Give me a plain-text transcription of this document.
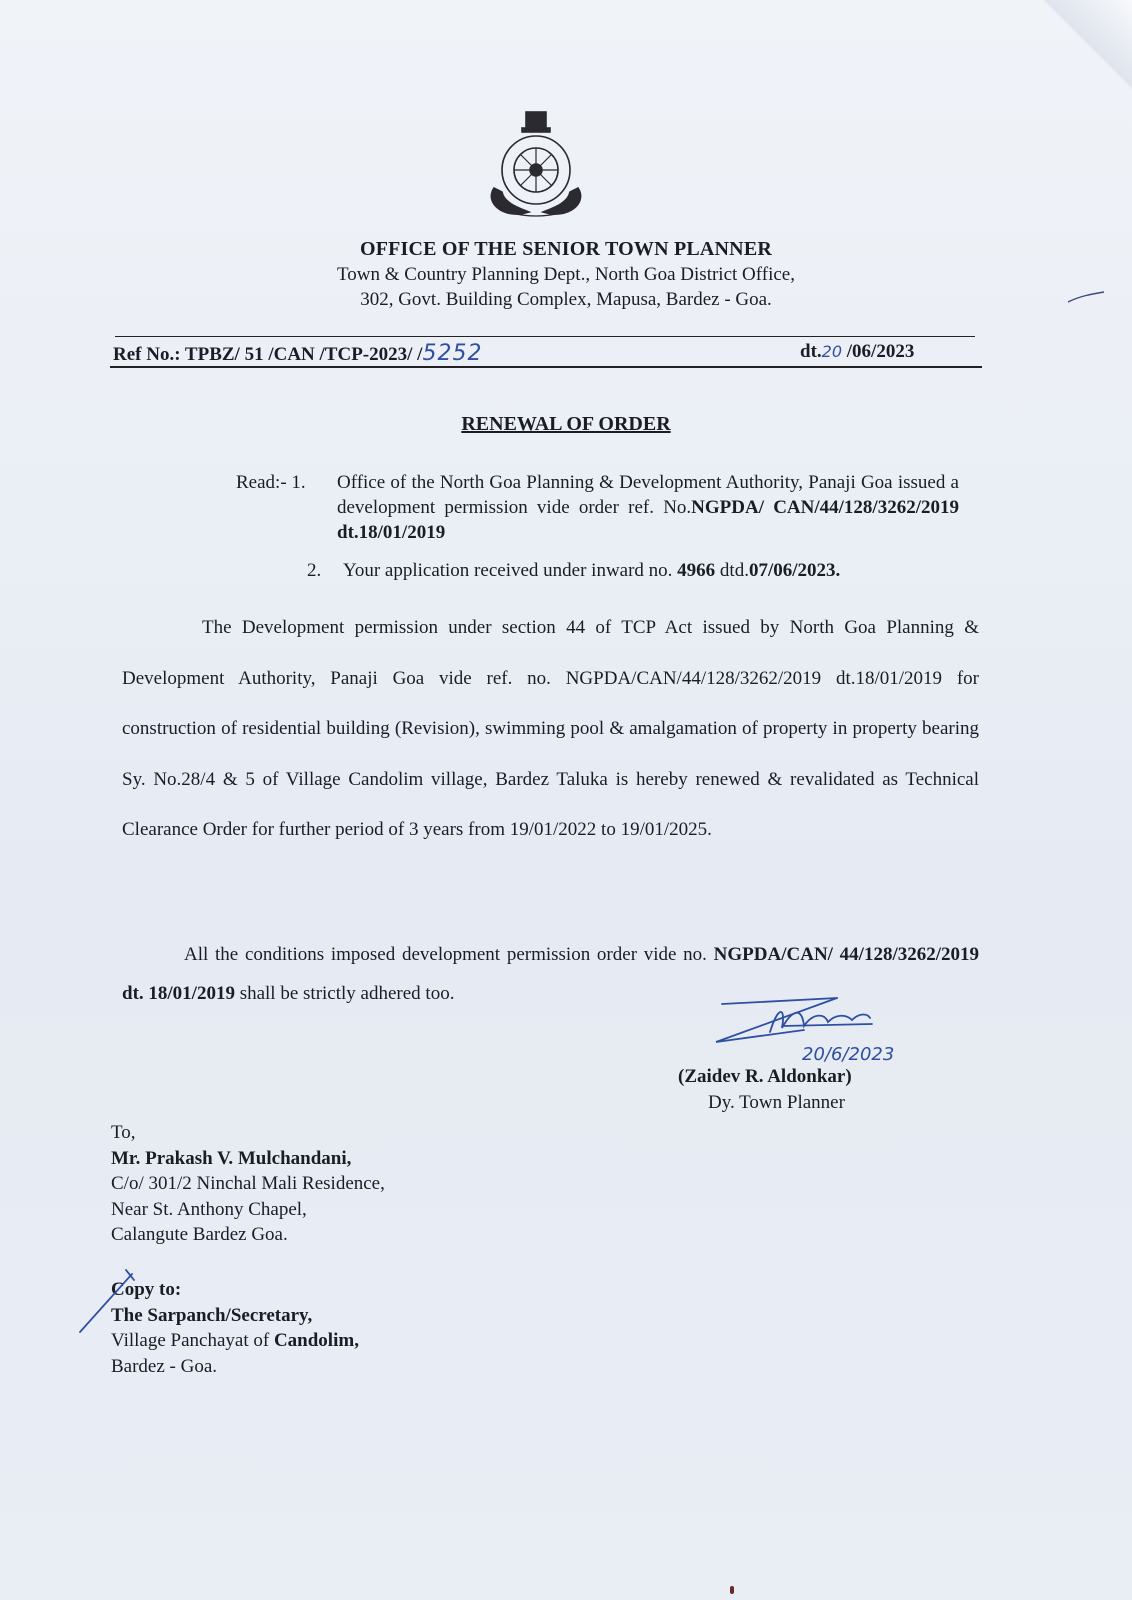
OFFICE OF THE SENIOR TOWN PLANNER
Town & Country Planning Dept., North Goa District Office,
302, Govt. Building Complex, Mapusa, Bardez - Goa.
Ref No.: TPBZ/ 51 /CAN /TCP-2023/ /5252	dt.20 /06/2023
RENEWAL OF ORDER
Read:- 1. Office of the North Goa Planning & Development Authority, Panaji Goa issued a development permission vide order ref. No.NGPDA/ CAN/44/128/3262/2019 dt.18/01/2019
2. Your application received under inward no. 4966 dtd.07/06/2023.
The Development permission under section 44 of TCP Act issued by North Goa Planning & Development Authority, Panaji Goa vide ref. no. NGPDA/CAN/44/128/3262/2019 dt.18/01/2019 for construction of residential building (Revision), swimming pool & amalgamation of property in property bearing Sy. No.28/4 & 5 of Village Candolim village, Bardez Taluka is hereby renewed & revalidated as Technical Clearance Order for further period of 3 years from 19/01/2022 to 19/01/2025.
All the conditions imposed development permission order vide no. NGPDA/CAN/ 44/128/3262/2019 dt. 18/01/2019 shall be strictly adhered too.
20/6/2023
(Zaidev R. Aldonkar)
Dy. Town Planner
To,
Mr. Prakash V. Mulchandani,
C/o/ 301/2 Ninchal Mali Residence,
Near St. Anthony Chapel,
Calangute Bardez Goa.
Copy to:
The Sarpanch/Secretary,
Village Panchayat of Candolim,
Bardez - Goa.
